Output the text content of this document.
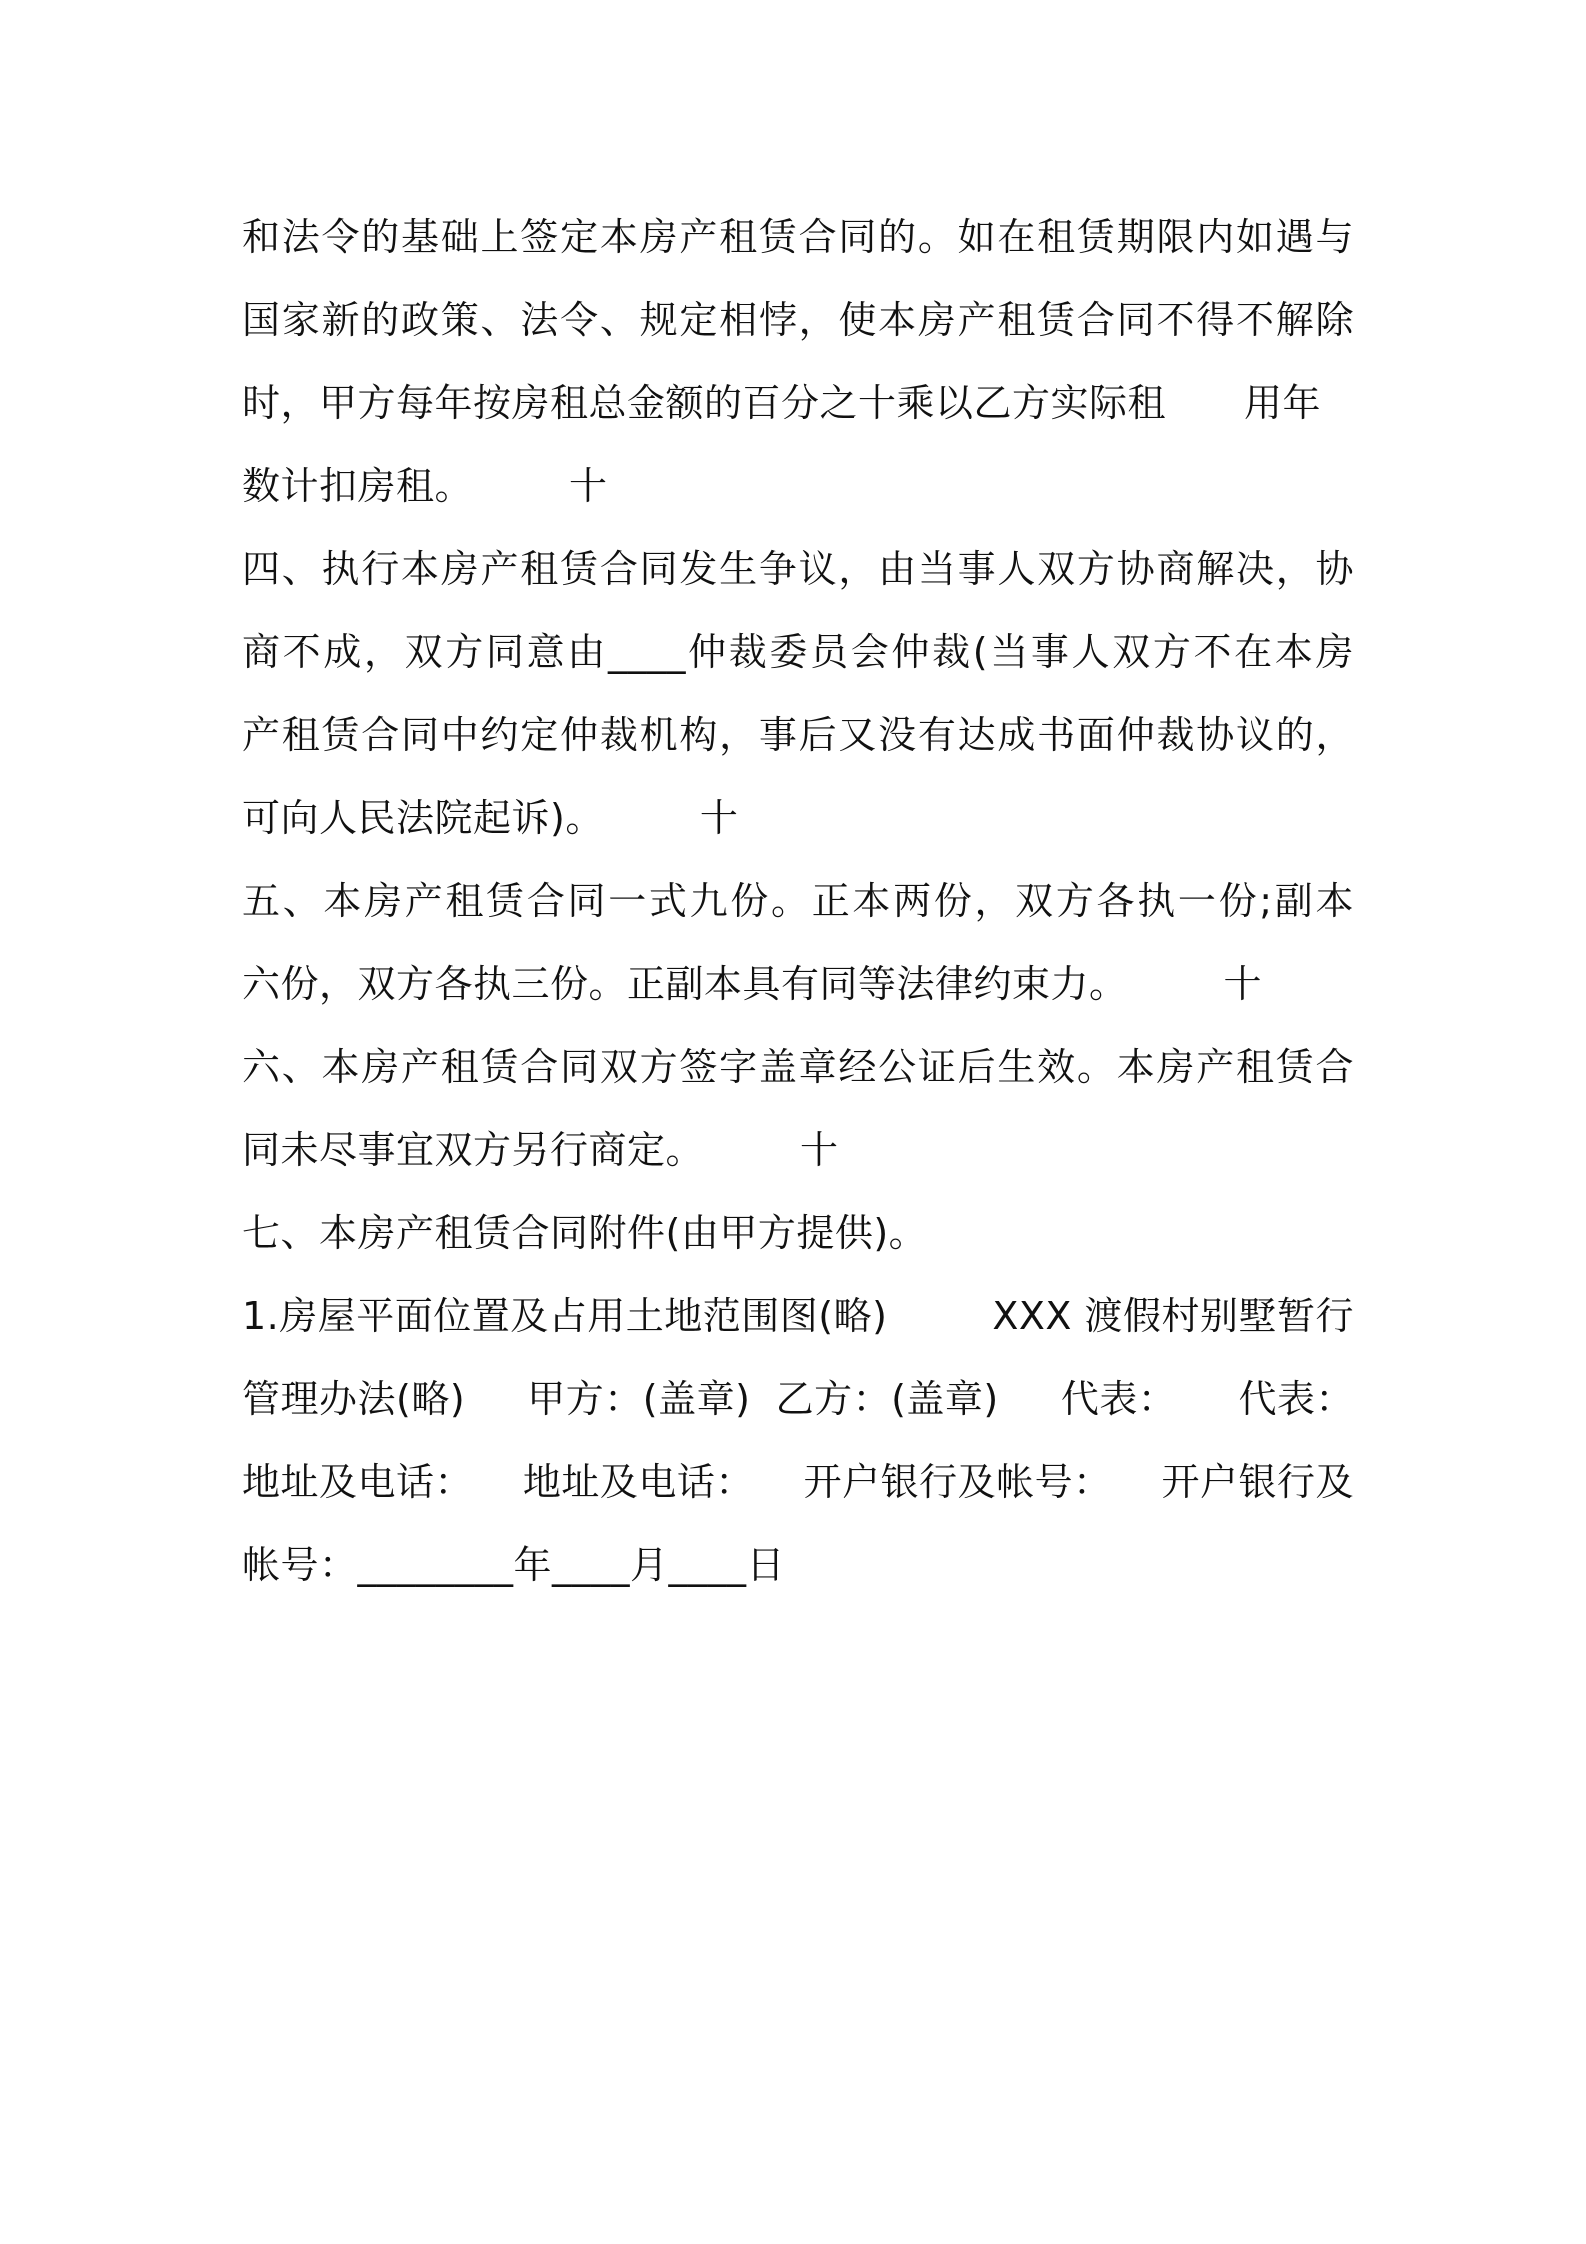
和法令的基础上签定本房产租赁合同的。如在租赁期限内如遇与
国家新的政策、法令、规定相悖，使本房产租赁合同不得不解除
时，甲方每年按房租总金额的百分之十乘以乙方实际租 用年
数计扣房租。	十
四、执行本房产租赁合同发生争议，由当事人双方协商解决，协
商不成，双方同意由____仲裁委员会仲裁(当事人双方不在本房
产租赁合同中约定仲裁机构，事后又没有达成书面仲裁协议的，
可向人民法院起诉)。	十
五、本房产租赁合同一式九份。正本两份，双方各执一份;副本
六份，双方各执三份。正副本具有同等法律约束力。	十
六、本房产租赁合同双方签字盖章经公证后生效。本房产租赁合
同未尽事宜双方另行商定。	十
七、本房产租赁合同附件(由甲方提供)。
1.房屋平面位置及占用土地范围图(略)	XXX 渡假村别墅暂行
管理办法(略) 甲方：(盖章)  乙方：(盖章) 代表： 代表：
地址及电话： 地址及电话： 开户银行及帐号： 开户银行及
帐号：________年____月____日
